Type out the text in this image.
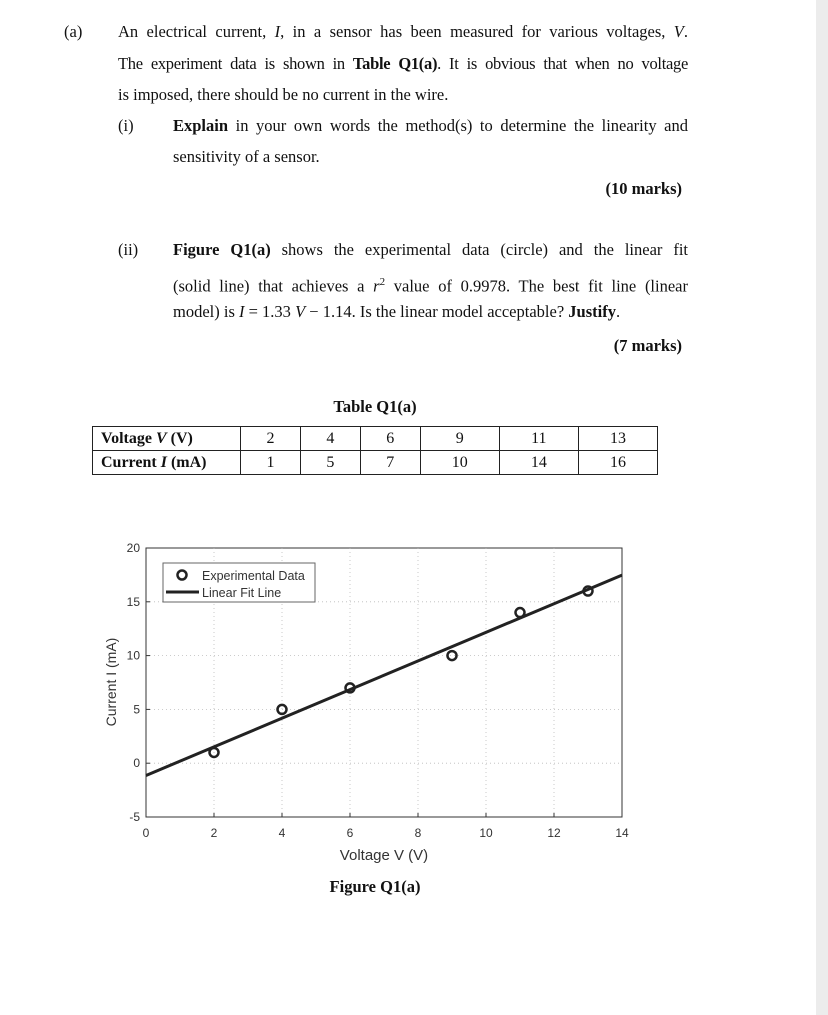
(a) An electrical current, I, in a sensor has been measured for various voltages, V.
The experiment data is shown in Table Q1(a). It is obvious that when no voltage
is imposed, there should be no current in the wire.
(i) Explain in your own words the method(s) to determine the linearity and
sensitivity of a sensor.
(10 marks)
(ii) Figure Q1(a) shows the experimental data (circle) and the linear fit
(solid line) that achieves a $r^2$ value of 0.9978. The best fit line (linear
model) is I = 1.33 V − 1.14. Is the linear model acceptable? Justify.
(7 marks)
Table Q1(a)
Voltage V (V)	2	4	6	9	11	13
Current I (mA)	1	5	7	10	14	16
0	2	4	6	8	10	12	14
-5
0
5
10
15
20
Current I (mA)
Voltage V (V)
Experimental Data
Linear Fit Line
Figure Q1(a)
